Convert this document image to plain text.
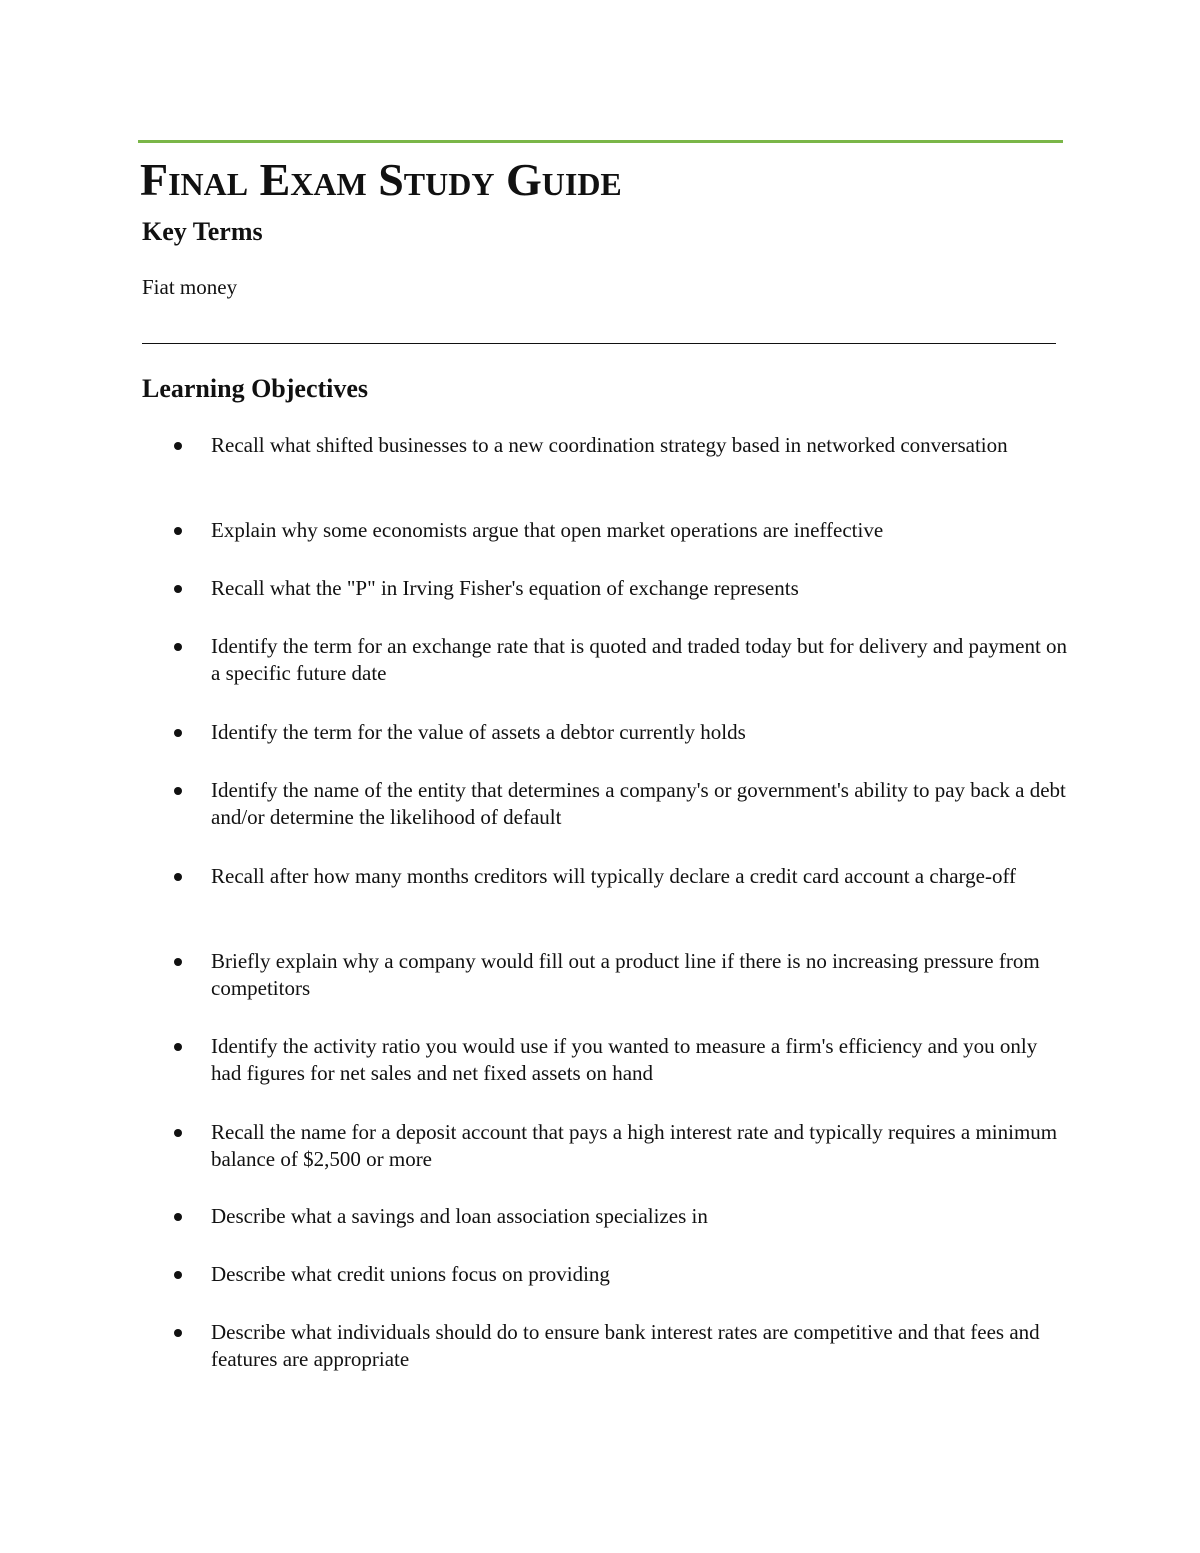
Final Exam Study Guide
Key Terms
Fiat money
Learning Objectives
Recall what shifted businesses to a new coordination strategy based in networked conversation
Explain why some economists argue that open market operations are ineffective
Recall what the "P" in Irving Fisher's equation of exchange represents
Identify the term for an exchange rate that is quoted and traded today but for delivery and payment on a specific future date
Identify the term for the value of assets a debtor currently holds
Identify the name of the entity that determines a company's or government's ability to pay back a debt and/or determine the likelihood of default
Recall after how many months creditors will typically declare a credit card account a charge-off
Briefly explain why a company would fill out a product line if there is no increasing pressure from competitors
Identify the activity ratio you would use if you wanted to measure a firm's efficiency and you only had figures for net sales and net fixed assets on hand
Recall the name for a deposit account that pays a high interest rate and typically requires a minimum balance of $2,500 or more
Describe what a savings and loan association specializes in
Describe what credit unions focus on providing
Describe what individuals should do to ensure bank interest rates are competitive and that fees and features are appropriate
